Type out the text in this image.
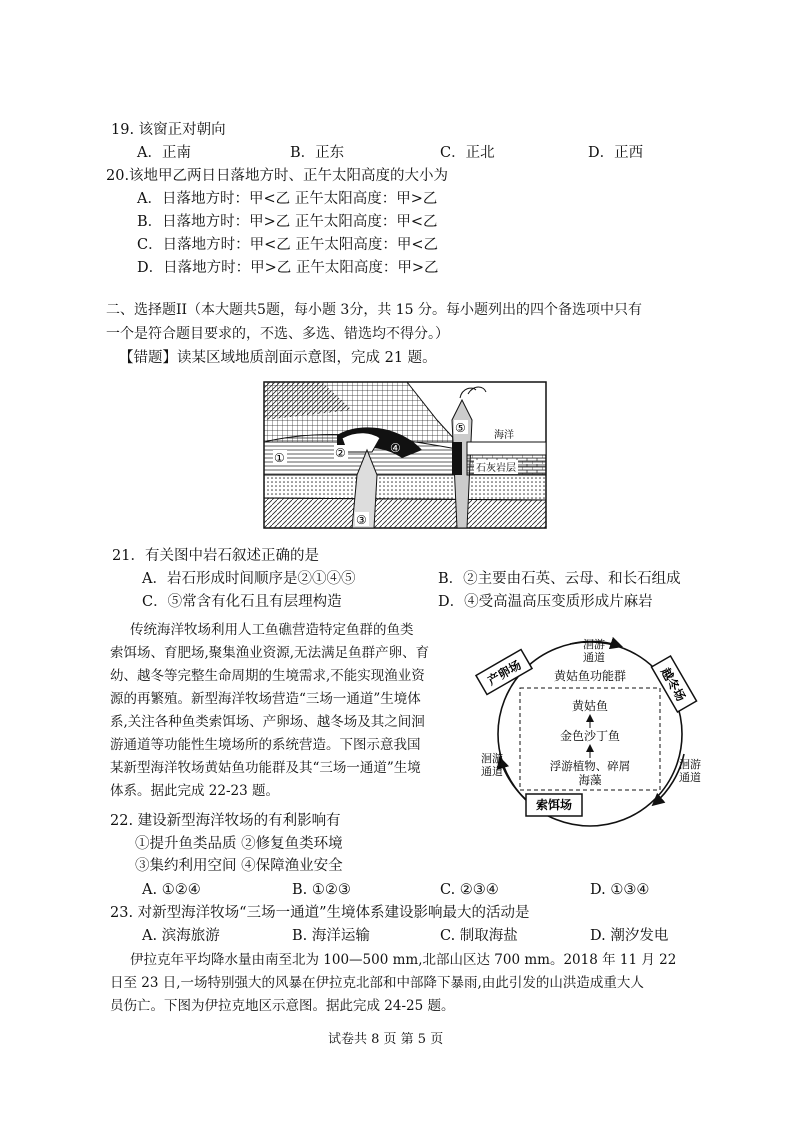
19. 该窗正对朝向
A．正南	B．正东	C．正北	D．正西
20.该地甲乙两日日落地方时、正午太阳高度的大小为
A．日落地方时：甲<乙 正午太阳高度：甲>乙
B．日落地方时：甲>乙 正午太阳高度：甲<乙
C．日落地方时：甲<乙 正午太阳高度：甲<乙
D．日落地方时：甲>乙 正午太阳高度：甲>乙
二、选择题II（本大题共5题，每小题 3分，共 15 分。每小题列出的四个备选项中只有
一个是符合题目要求的，不选、多选、错选均不得分。）
【错题】读某区域地质剖面示意图，完成 21 题。
海洋
石灰岩层
①	②
③
④
⑤
21．有关图中岩石叙述正确的是
A．岩石形成时间顺序是②①④⑤	B．②主要由石英、云母、和长石组成
C．⑤常含有化石且有层理构造	D．④受高温高压变质形成片麻岩
传统海洋牧场利用人工鱼礁营造特定鱼群的鱼类
索饵场、育肥场,聚集渔业资源,无法满足鱼群产卵、育
幼、越冬等完整生命周期的生境需求,不能实现渔业资
源的再繁殖。新型海洋牧场营造“三场一通道”生境体
系,关注各种鱼类索饵场、产卵场、越冬场及其之间洄
游通道等功能性生境场所的系统营造。下图示意我国
某新型海洋牧场黄姑鱼功能群及其“三场一通道”生境
体系。据此完成 22-23 题。
产卵场	越冬场
索饵场
洄游
通道
洄游
通道
洄游
通道
黄姑鱼功能群
黄姑鱼
金色沙丁鱼
浮游植物、碎屑
海藻
22. 建设新型海洋牧场的有利影响有
①提升鱼类品质 ②修复鱼类环境
③集约利用空间 ④保障渔业安全
A. ①②④	B. ①②③	C. ②③④	D. ①③④
23. 对新型海洋牧场“三场一通道”生境体系建设影响最大的活动是
A. 滨海旅游	B. 海洋运输	C. 制取海盐	D. 潮汐发电
伊拉克年平均降水量由南至北为 100—500 mm,北部山区达 700 mm。2018 年 11 月 22
日至 23 日,一场特别强大的风暴在伊拉克北部和中部降下暴雨,由此引发的山洪造成重大人
员伤亡。下图为伊拉克地区示意图。据此完成 24-25 题。
试卷共 8 页 第 5 页
